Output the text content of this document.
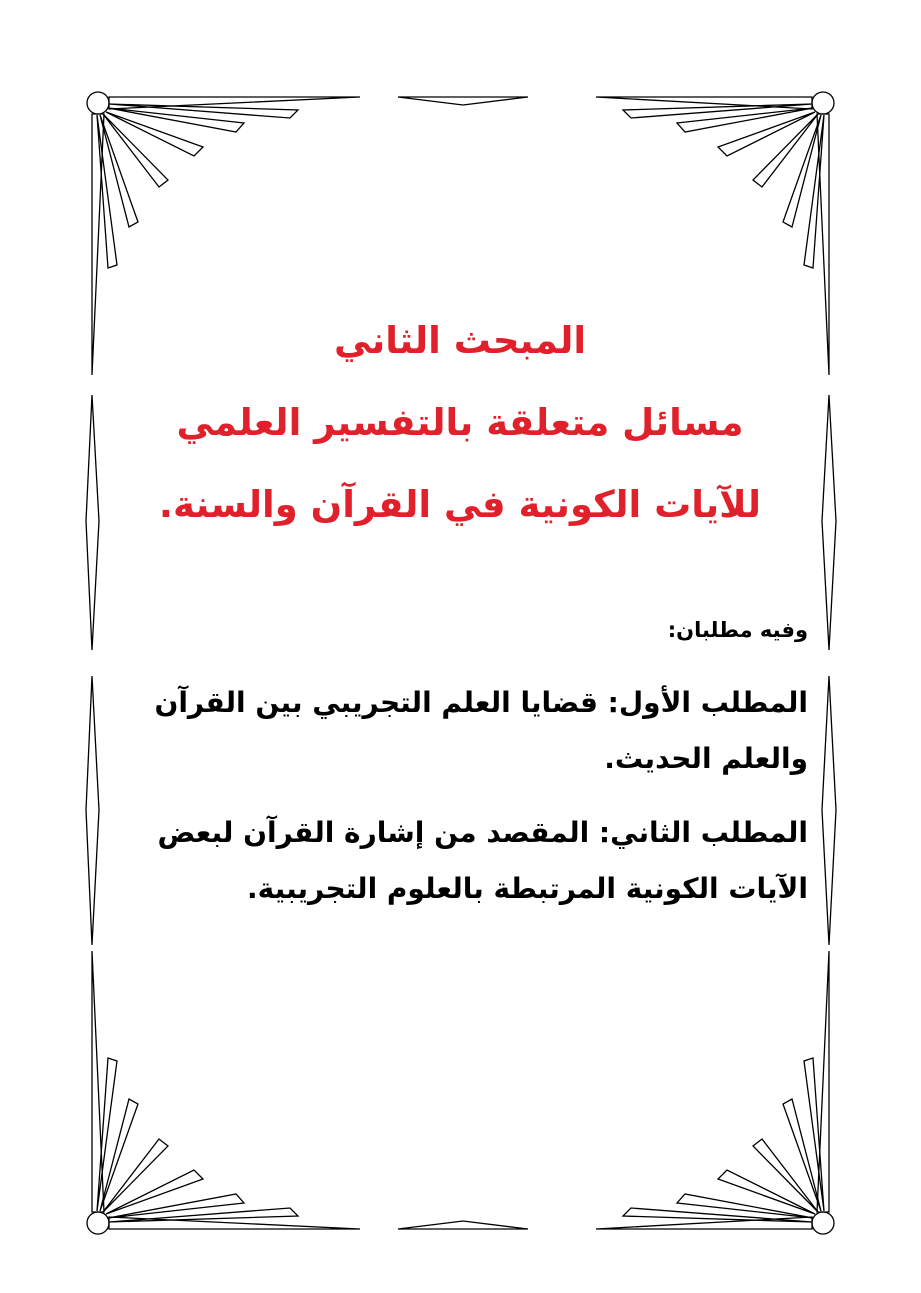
المبحث الثاني
مسائل متعلقة بالتفسير العلمي
للآيات الكونية في القرآن والسنة.

وفيه مطلبان:

المطلب الأول: قضايا العلم التجريبي بين القرآن والعلم الحديث.

المطلب الثاني: المقصد من إشارة القرآن لبعض الآيات الكونية المرتبطة بالعلوم التجريبية.
